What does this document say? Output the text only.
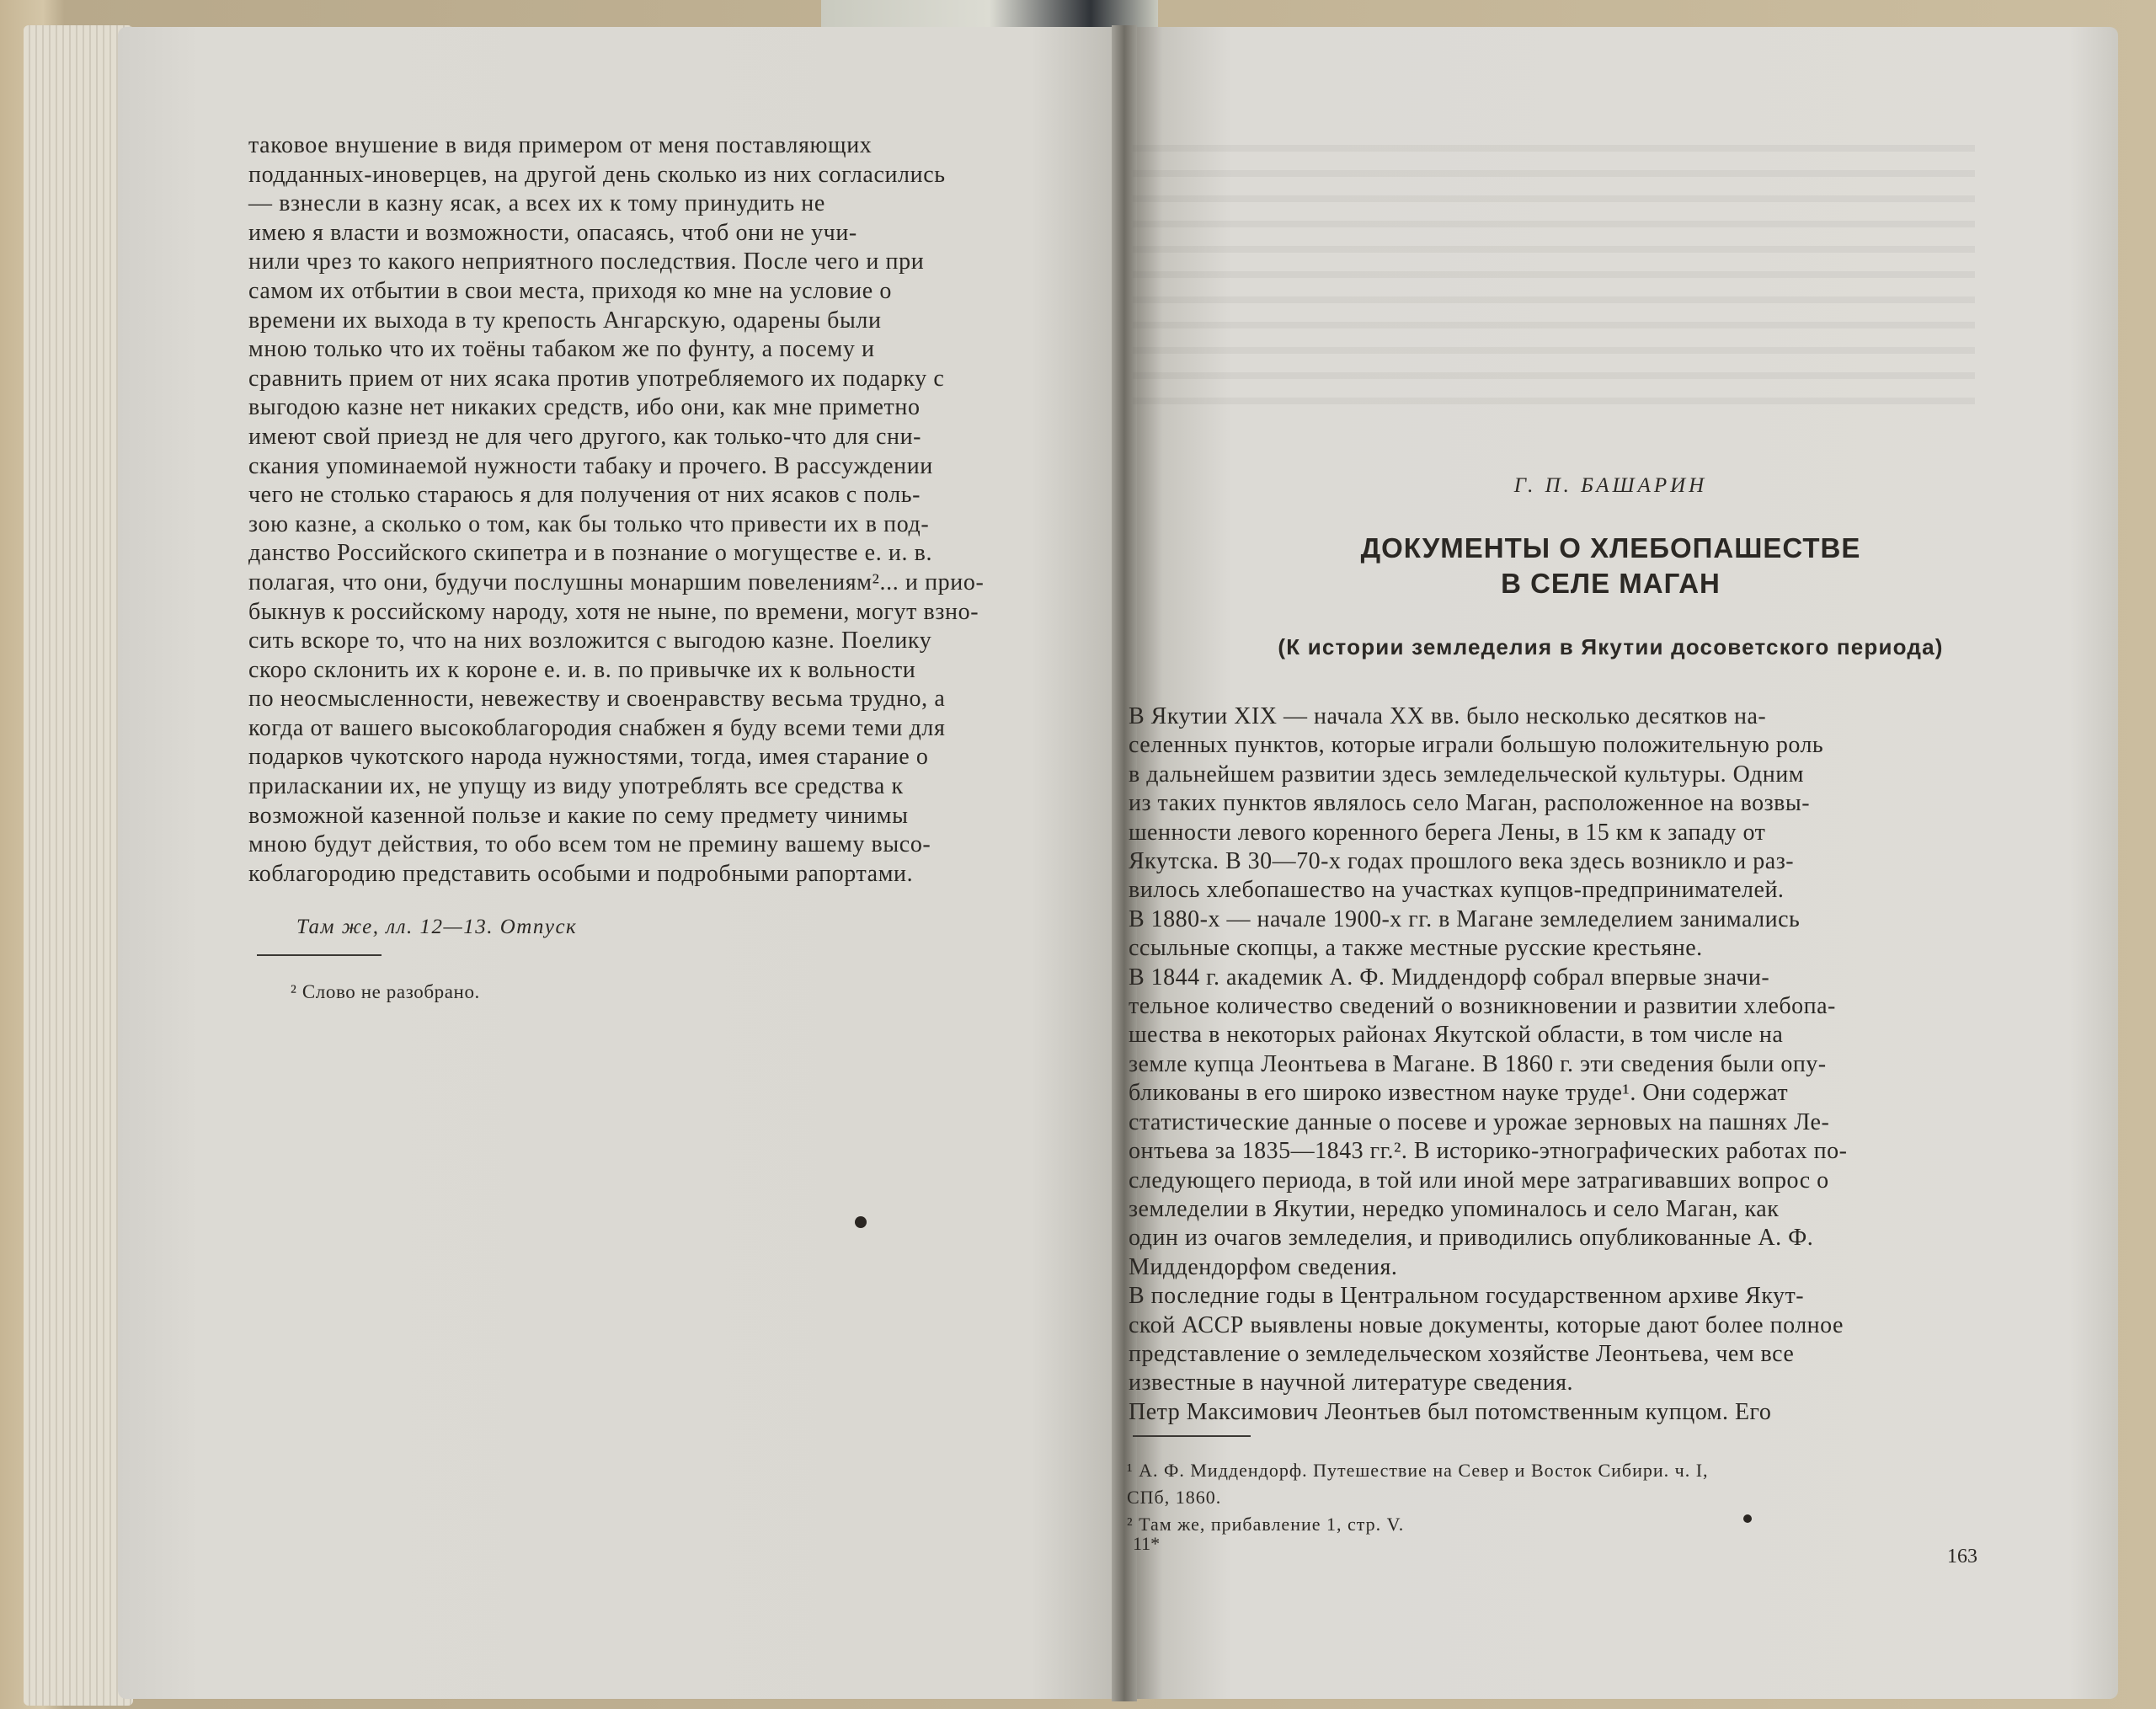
таковое внушение в видя примером от меня поставляющих
подданных-иноверцев, на другой день сколько из них согласились
— взнесли в казну ясак, а всех их к тому принудить не
имею я власти и возможности, опасаясь, чтоб они не учи-
нили чрез то какого неприятного последствия. После чего и при
самом их отбытии в свои места, приходя ко мне на условие о
времени их выхода в ту крепость Ангарскую, одарены были
мною только что их тоёны табаком же по фунту, а посему и
сравнить прием от них ясака против употребляемого их подарку с
выгодою казне нет никаких средств, ибо они, как мне приметно
имеют свой приезд не для чего другого, как только-что для сни-
скания упоминаемой нужности табаку и прочего. В рассуждении
чего не столько стараюсь я для получения от них ясаков с поль-
зою казне, а сколько о том, как бы только что привести их в под-
данство Российского скипетра и в познание о могуществе е. и. в.
полагая, что они, будучи послушны монаршим повелениям²... и прио-
быкнув к российскому народу, хотя не ныне, по времени, могут взно-
сить вскоре то, что на них возложится с выгодою казне. Поелику
скоро склонить их к короне е. и. в. по привычке их к вольности
по неосмысленности, невежеству и своенравству весьма трудно, а
когда от вашего высокоблагородия снабжен я буду всеми теми для
подарков чукотского народа нужностями, тогда, имея старание о
приласкании их, не упущу из виду употреблять все средства к
возможной казенной пользе и какие по сему предмету чинимы
мною будут действия, то обо всем том не премину вашему высо-
коблагородию представить особыми и подробными рапортами.
Там же, лл. 12—13. Отпуск
² Слово не разобрано.
Г. П. БАШАРИН
ДОКУМЕНТЫ О ХЛЕБОПАШЕСТВЕ
В СЕЛЕ МАГАН
(К истории земледелия в Якутии досоветского периода)
В Якутии XIX — начала XX вв. было несколько десятков на-
селенных пунктов, которые играли большую положительную роль
в дальнейшем развитии здесь земледельческой культуры. Одним
из таких пунктов являлось село Маган, расположенное на возвы-
шенности левого коренного берега Лены, в 15 км к западу от
Якутска. В 30—70-х годах прошлого века здесь возникло и раз-
вилось хлебопашество на участках купцов-предпринимателей.
В 1880-х — начале 1900-х гг. в Магане земледелием занимались
ссыльные скопцы, а также местные русские крестьяне.
В 1844 г. академик А. Ф. Миддендорф собрал впервые значи-
тельное количество сведений о возникновении и развитии хлебопа-
шества в некоторых районах Якутской области, в том числе на
земле купца Леонтьева в Магане. В 1860 г. эти сведения были опу-
бликованы в его широко известном науке труде¹. Они содержат
статистические данные о посеве и урожае зерновых на пашнях Ле-
онтьева за 1835—1843 гг.². В историко-этнографических работах по-
следующего периода, в той или иной мере затрагивавших вопрос о
земледелии в Якутии, нередко упоминалось и село Маган, как
один из очагов земледелия, и приводились опубликованные А. Ф.
Миддендорфом сведения.
В последние годы в Центральном государственном архиве Якут-
ской АССР выявлены новые документы, которые дают более полное
представление о земледельческом хозяйстве Леонтьева, чем все
известные в научной литературе сведения.
Петр Максимович Леонтьев был потомственным купцом. Его
¹ А. Ф. Миддендорф. Путешествие на Север и Восток Сибири. ч. I,
СПб, 1860.
² Там же, прибавление 1, стр. V.
11*
163
